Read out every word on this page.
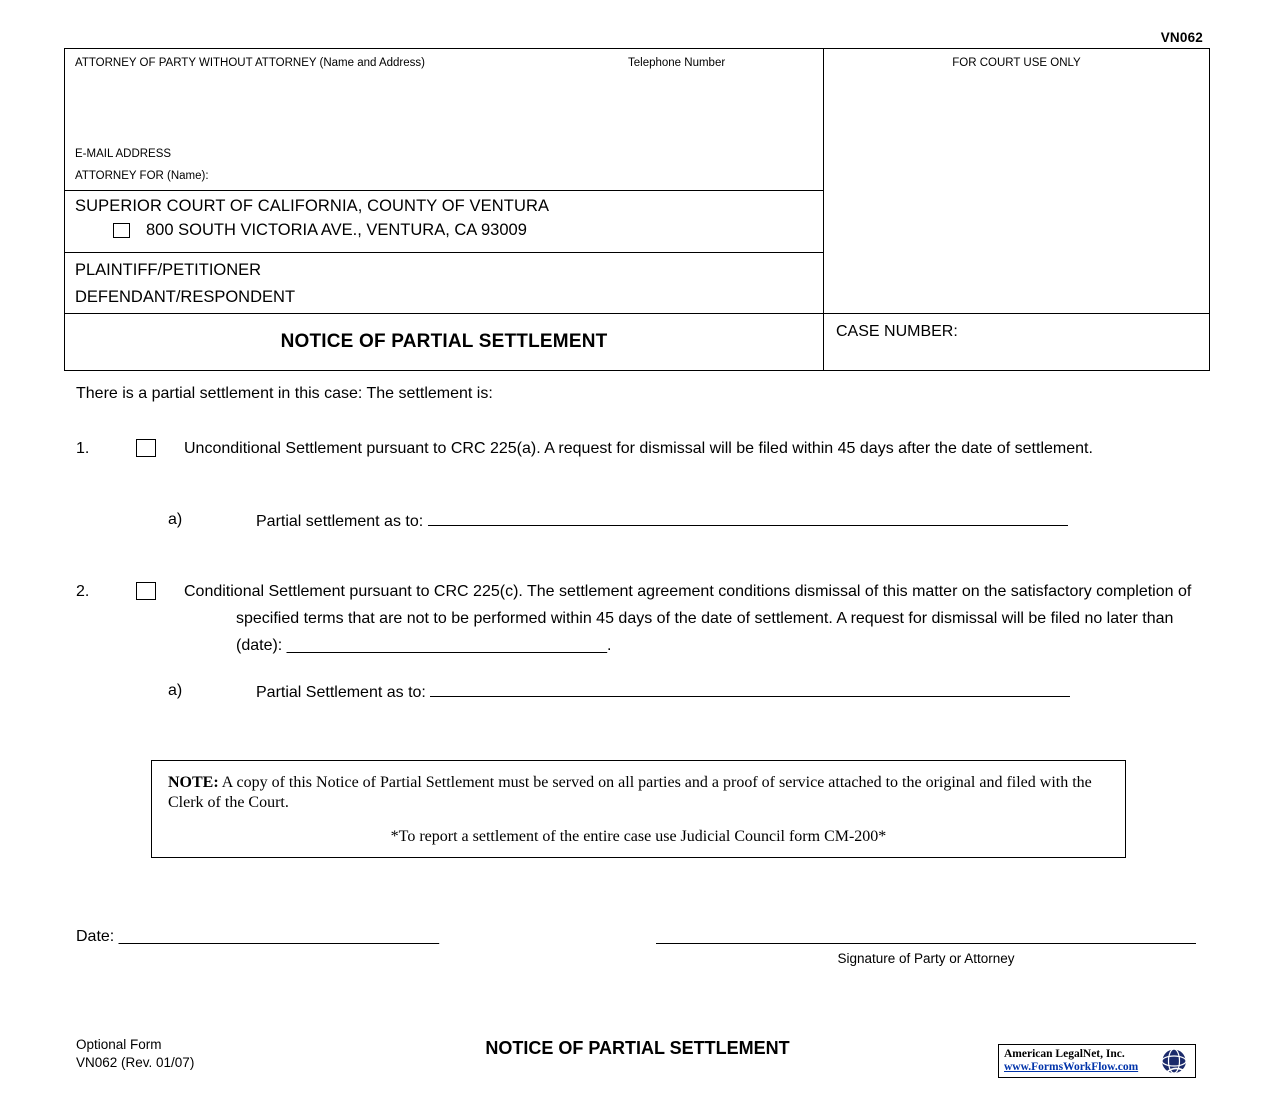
VN062
ATTORNEY OF PARTY WITHOUT ATTORNEY (Name and Address)	Telephone Number
E-MAIL ADDRESS
ATTORNEY FOR (Name):
SUPERIOR COURT OF CALIFORNIA, COUNTY OF VENTURA
800 SOUTH VICTORIA AVE., VENTURA, CA 93009
PLAINTIFF/PETITIONER
DEFENDANT/RESPONDENT
NOTICE OF PARTIAL SETTLEMENT
FOR COURT USE ONLY
CASE NUMBER:
There is a partial settlement in this case: The settlement is:
1.	Unconditional Settlement pursuant to CRC 225(a). A request for dismissal will be filed within 45 days after the date of settlement.
a)	Partial settlement as to:
2.	Conditional Settlement pursuant to CRC 225(c). The settlement agreement conditions dismissal of this matter on the satisfactory completion of specified terms that are not to be performed within 45 days of the date of settlement. A request for dismissal will be filed no later than (date): ____________________________________.
a)	Partial Settlement as to:
NOTE: A copy of this Notice of Partial Settlement must be served on all parties and a proof of service attached to the original and filed with the Clerk of the Court.
*To report a settlement of the entire case use Judicial Council form CM-200*
Date: ____________________________________
Signature of Party or Attorney
Optional Form
VN062 (Rev. 01/07)
NOTICE OF PARTIAL SETTLEMENT	American LegalNet, Inc.
www.FormsWorkFlow.com
